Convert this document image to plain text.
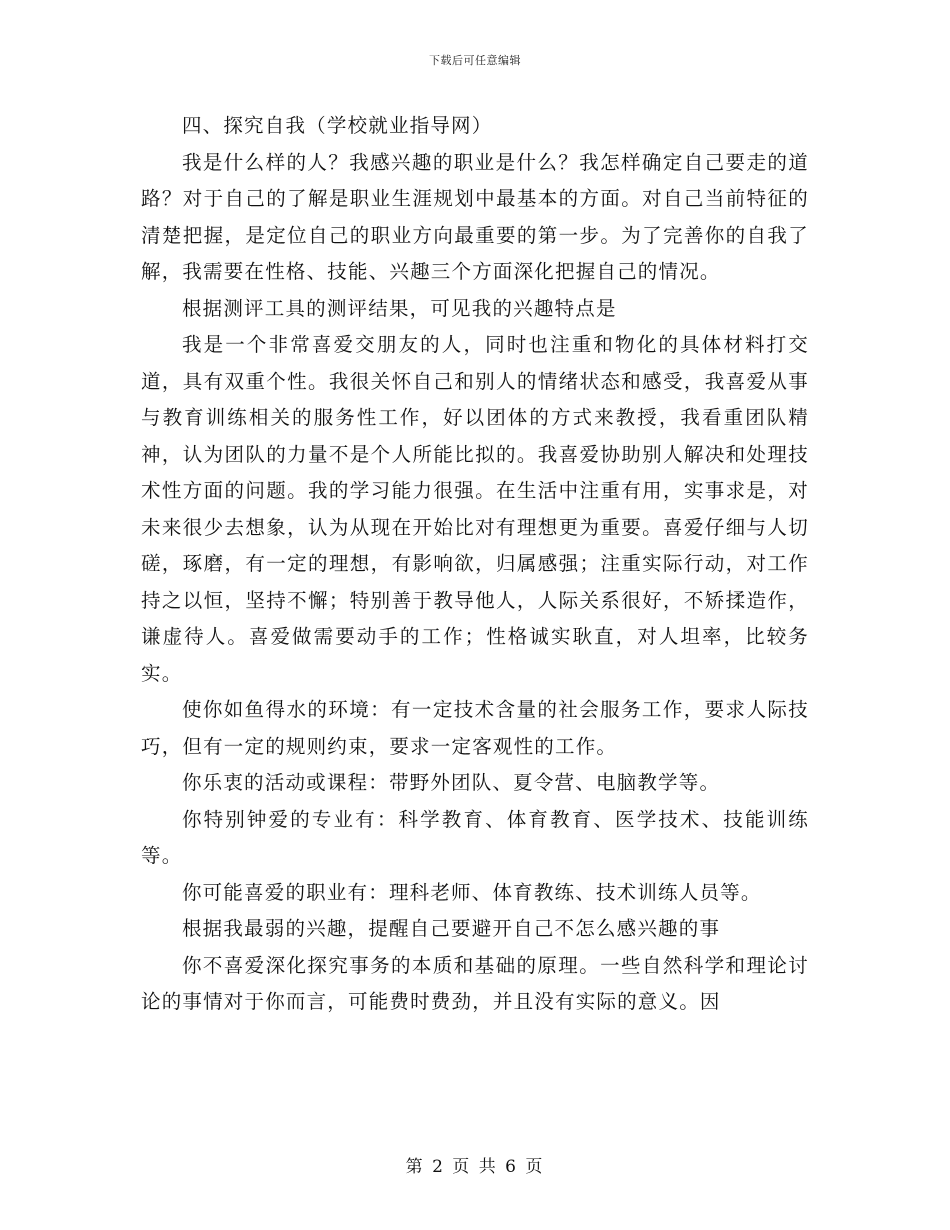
下载后可任意编辑

四、探究自我（学校就业指导网）

我是什么样的人？我感兴趣的职业是什么？我怎样确定自己要走的道路？对于自己的了解是职业生涯规划中最基本的方面。对自己当前特征的清楚把握，是定位自己的职业方向最重要的第一步。为了完善你的自我了解，我需要在性格、技能、兴趣三个方面深化把握自己的情况。

根据测评工具的测评结果，可见我的兴趣特点是

我是一个非常喜爱交朋友的人，同时也注重和物化的具体材料打交道，具有双重个性。我很关怀自己和别人的情绪状态和感受，我喜爱从事与教育训练相关的服务性工作，好以团体的方式来教授，我看重团队精神，认为团队的力量不是个人所能比拟的。我喜爱协助别人解决和处理技术性方面的问题。我的学习能力很强。在生活中注重有用，实事求是，对未来很少去想象，认为从现在开始比对有理想更为重要。喜爱仔细与人切磋，琢磨，有一定的理想，有影响欲，归属感强；注重实际行动，对工作持之以恒，坚持不懈；特别善于教导他人，人际关系很好，不矫揉造作，谦虚待人。喜爱做需要动手的工作；性格诚实耿直，对人坦率，比较务实。

使你如鱼得水的环境：有一定技术含量的社会服务工作，要求人际技巧，但有一定的规则约束，要求一定客观性的工作。

你乐衷的活动或课程：带野外团队、夏令营、电脑教学等。

你特别钟爱的专业有：科学教育、体育教育、医学技术、技能训练等。

你可能喜爱的职业有：理科老师、体育教练、技术训练人员等。

根据我最弱的兴趣，提醒自己要避开自己不怎么感兴趣的事

你不喜爱深化探究事务的本质和基础的原理。一些自然科学和理论讨论的事情对于你而言，可能费时费劲，并且没有实际的意义。因

第 2 页 共 6 页
